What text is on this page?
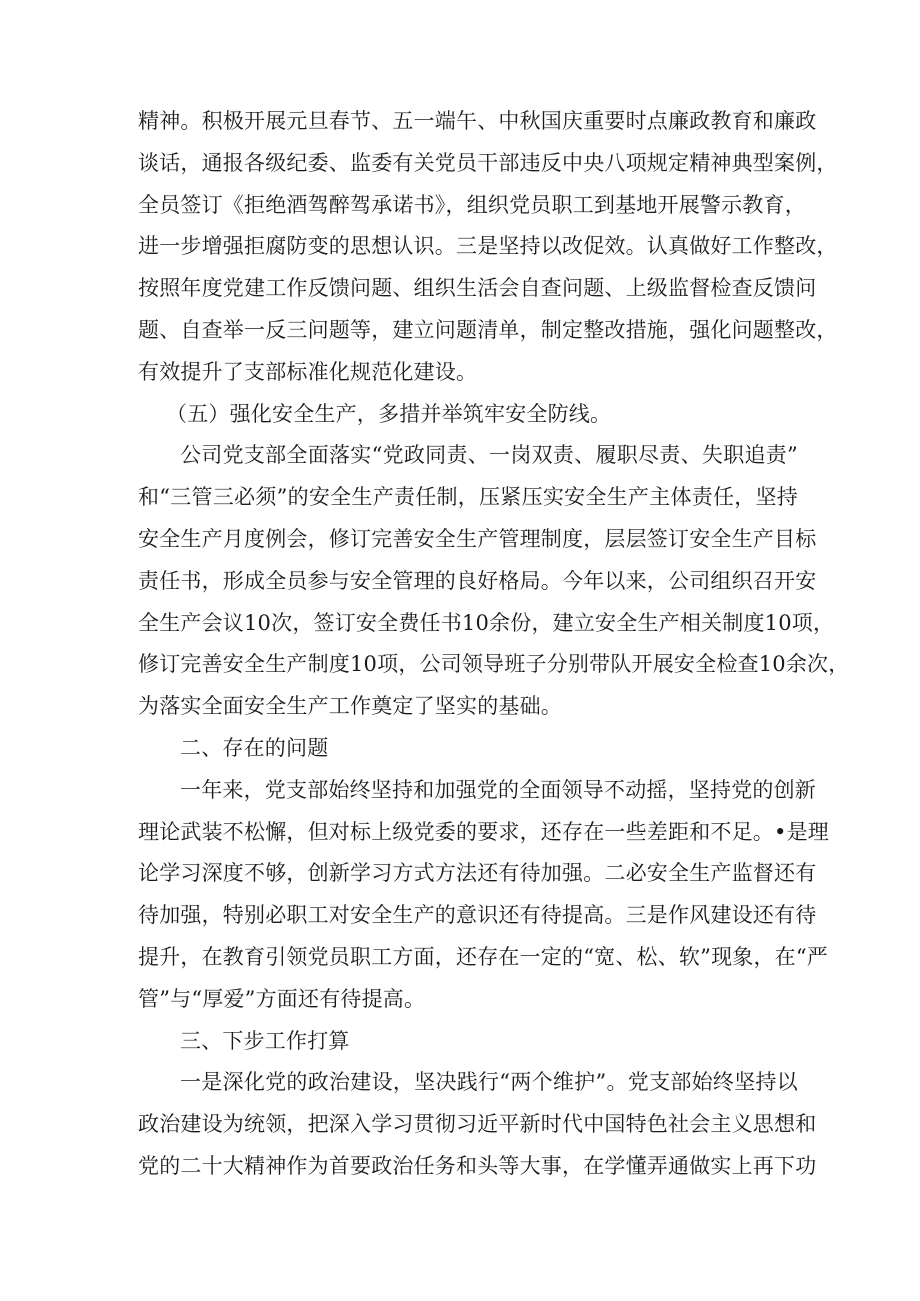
精神。积极开展元旦春节、五一端午、中秋国庆重要时点廉政教育和廉政
谈话，通报各级纪委、监委有关党员干部违反中央八项规定精神典型案例，
全员签订《拒绝酒驾醉驾承诺书》，组织党员职工到基地开展警示教育，
进一步增强拒腐防变的思想认识。三是坚持以改促效。认真做好工作整改，
按照年度党建工作反馈问题、组织生活会自查问题、上级监督检查反馈问
题、自查举一反三问题等，建立问题清单，制定整改措施，强化问题整改，
有效提升了支部标准化规范化建设。
（五）强化安全生产，多措并举筑牢安全防线。
公司党支部全面落实“党政同责、一岗双责、履职尽责、失职追责”
和“三管三必须”的安全生产责任制，压紧压实安全生产主体责任，坚持
安全生产月度例会，修订完善安全生产管理制度，层层签订安全生产目标
责任书，形成全员参与安全管理的良好格局。今年以来，公司组织召开安
全生产会议10次，签订安全费任书10余份，建立安全生产相关制度10项，
修订完善安全生产制度10项，公司领导班子分别带队开展安全检查10余次，
为落实全面安全生产工作奠定了坚实的基础。
二、存在的问题
一年来，党支部始终坚持和加强党的全面领导不动摇，坚持党的创新
理论武装不松懈，但对标上级党委的要求，还存在一些差距和不足。•是理
论学习深度不够，创新学习方式方法还有待加强。二必安全生产监督还有
待加强，特别必职工对安全生产的意识还有待提高。三是作风建设还有待
提升，在教育引领党员职工方面，还存在一定的“宽、松、软”现象，在“严
管”与“厚爱”方面还有待提高。
三、下步工作打算
一是深化党的政治建设，坚决践行“两个维护”。党支部始终坚持以
政治建设为统领，把深入学习贯彻习近平新时代中国特色社会主义思想和
党的二十大精神作为首要政治任务和头等大事，在学懂弄通做实上再下功
